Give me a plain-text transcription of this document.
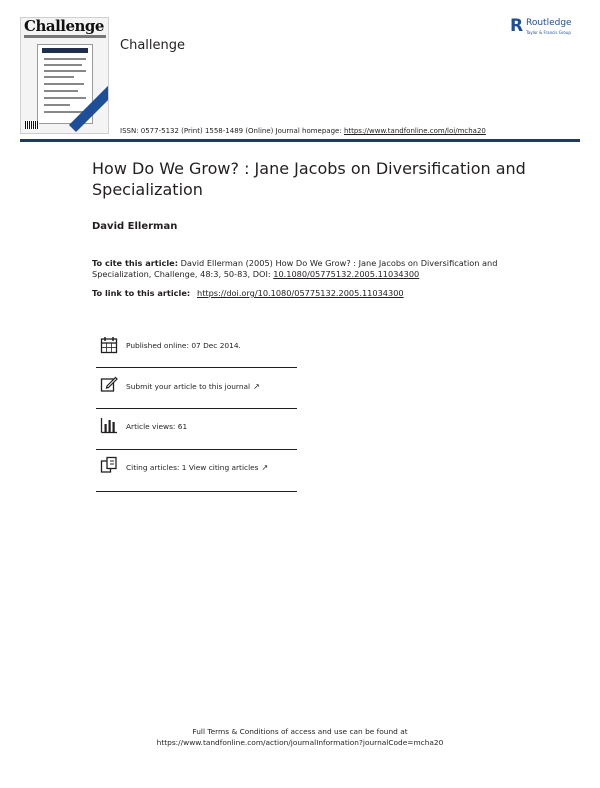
Challenge
Challenge
R Routledge
Taylor & Francis Group
ISSN: 0577-5132 (Print) 1558-1489 (Online) Journal homepage: https://www.tandfonline.com/loi/mcha20
How Do We Grow? : Jane Jacobs on Diversification and Specialization
David Ellerman
To cite this article: David Ellerman (2005) How Do We Grow? : Jane Jacobs on Diversification and Specialization, Challenge, 48:3, 50-83, DOI: 10.1080/05775132.2005.11034300
To link to this article: https://doi.org/10.1080/05775132.2005.11034300
Published online: 07 Dec 2014.
Submit your article to this journal ↗
Article views: 61
Citing articles: 1 View citing articles ↗
Full Terms & Conditions of access and use can be found at
https://www.tandfonline.com/action/journalInformation?journalCode=mcha20
